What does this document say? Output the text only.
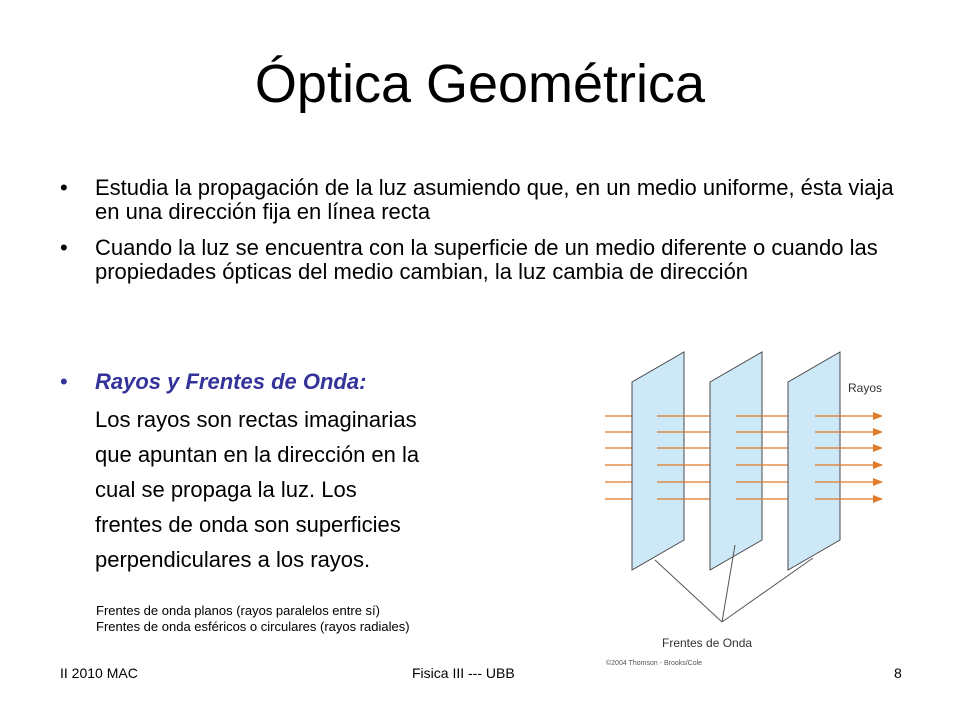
Óptica Geométrica
• Estudia la propagación de la luz asumiendo que, en un medio uniforme, ésta viaja en una dirección fija en línea recta
• Cuando la luz se encuentra con la superficie de un medio diferente o cuando las propiedades ópticas del medio cambian, la luz cambia de dirección
• Rayos y Frentes de Onda:
Los rayos son rectas imaginarias
que apuntan en la dirección en la
cual se propaga la luz. Los
frentes de onda son superficies
perpendiculares a los rayos.
Frentes de onda planos (rayos paralelos entre sí)
Frentes de onda esféricos o circulares (rayos radiales)
Rayos
Frentes de Onda
©2004 Thomson - Brooks/Cole
II 2010 MAC	Fisica III --- UBB	8
